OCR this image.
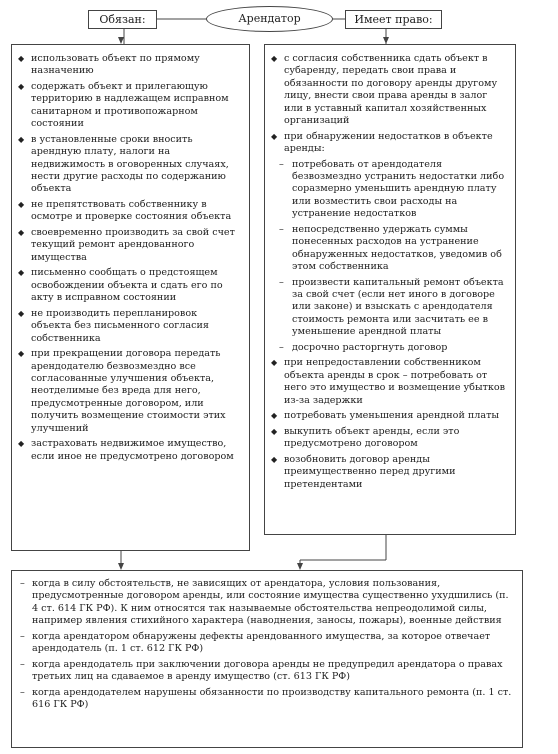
Арендатор
Обязан:	Имеет право:
◆ использовать объект по прямому назначению
◆ содержать объект и прилегающую территорию в надлежащем исправном санитарном и противопожарном состоянии
◆ в установленные сроки вносить арендную плату, налоги на недвижимость в оговоренных случаях, нести другие расходы по содержанию объекта
◆ не препятствовать собственнику в осмотре и проверке состояния объекта
◆ своевременно производить за свой счет текущий ремонт арендованного имущества
◆ письменно сообщать о предстоящем освобождении объекта и сдать его по акту в исправном состоянии
◆ не производить перепланировок объекта без письменного согласия собственника
◆ при прекращении договора передать арендодателю безвозмездно все согласованные улучшения объекта, неотделимые без вреда для него, предусмотренные договором, или получить возмещение стоимости этих улучшений
◆ застраховать недвижимое имущество, если иное не предусмотрено договором
◆ с согласия собственника сдать объект в субаренду, передать свои права и обязанности по договору аренды другому лицу, внести свои права аренды в залог или в уставный капитал хозяйственных организаций
◆ при обнаружении недостатков в объекте аренды:
– потребовать от арендодателя безвозмездно устранить недостатки либо соразмерно уменьшить арендную плату или возместить свои расходы на устранение недостатков
– непосредственно удержать суммы понесенных расходов на устранение обнаруженных недостатков, уведомив об этом собственника
– произвести капитальный ремонт объекта за свой счет (если нет иного в договоре или законе) и взыскать с арендодателя стоимость ремонта или засчитать ее в уменьшение арендной платы
– досрочно расторгнуть договор
◆ при непредоставлении собственником объекта аренды в срок – потребовать от него это имущество и возмещение убытков из-за задержки
◆ потребовать уменьшения арендной платы
◆ выкупить объект аренды, если это предусмотрено договором
◆ возобновить договор аренды преимущественно перед другими претендентами
– когда в силу обстоятельств, не зависящих от арендатора, условия пользования, предусмотренные договором аренды, или состояние имущества существенно ухудшились (п. 4 ст. 614 ГК РФ). К ним относятся так называемые обстоятельства непреодолимой силы, например явления стихийного характера (наводнения, заносы, пожары), военные действия
– когда арендатором обнаружены дефекты арендованного имущества, за которое отвечает арендодатель (п. 1 ст. 612 ГК РФ)
– когда арендодатель при заключении договора аренды не предупредил арендатора о правах третьих лиц на сдаваемое в аренду имущество (ст. 613 ГК РФ)
– когда арендодателем нарушены обязанности по производству капитального ремонта (п. 1 ст. 616 ГК РФ)
